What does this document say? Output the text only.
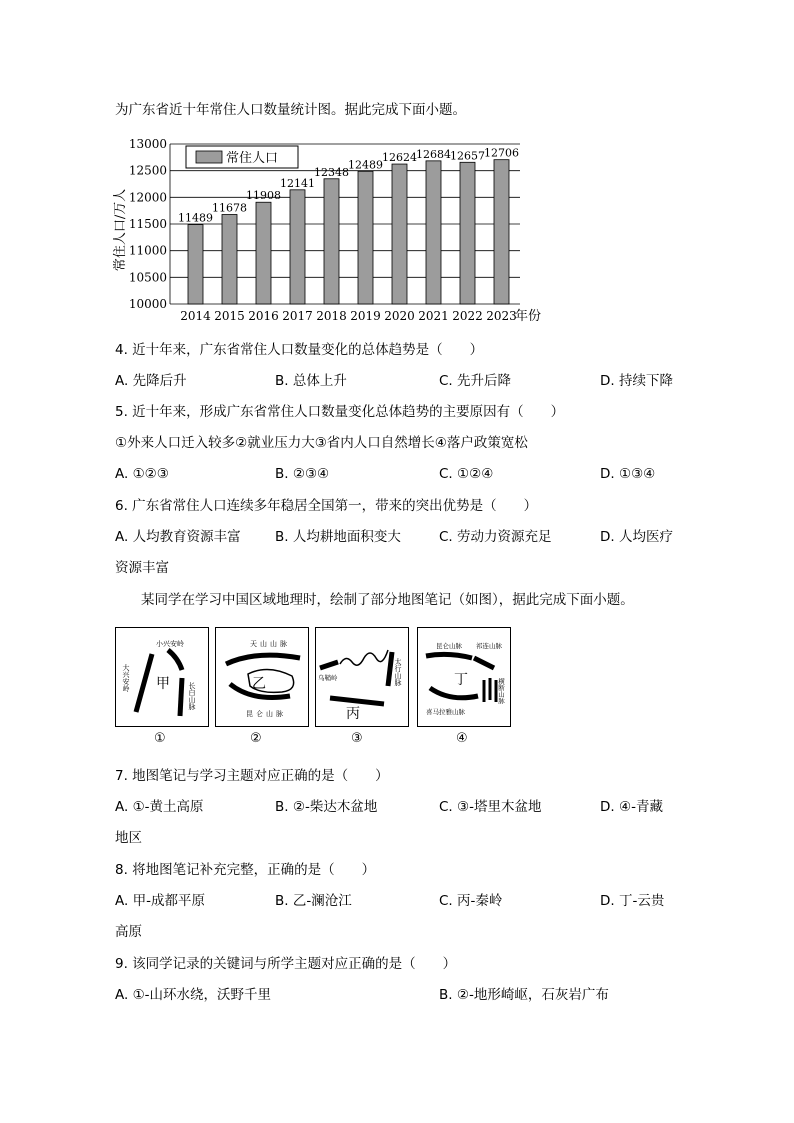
为广东省近十年常住人口数量统计图。据此完成下面小题。
11489
11678
11908
12141
12348
12489
12624 12684 12657 12706
10000
10500
11000
11500
12000
12500
13000
2014 2015 2016 2017 2018 2019 2020 2021 2022 2023
常住人口
常住人口/万人
年份
4. 近十年来，广东省常住人口数量变化的总体趋势是（　　）
A. 先降后升	B. 总体上升	C. 先升后降	D. 持续下降
5. 近十年来，形成广东省常住人口数量变化总体趋势的主要原因有（　　）
①外来人口迁入较多②就业压力大③省内人口自然增长④落户政策宽松
A. ①②③	B. ②③④	C. ①②④	D. ①③④
6. 广东省常住人口连续多年稳居全国第一，带来的突出优势是（　　）
A. 人均教育资源丰富	B. 人均耕地面积变大	C. 劳动力资源充足	D. 人均医疗
资源丰富
某同学在学习中国区域地理时，绘制了部分地图笔记（如图），据此完成下面小题。
甲
小兴安岭
大兴安岭
长白山脉	乙
天山山脉
昆仑山脉	丙
太行山脉
乌鞘岭	丁
昆仑山脉 祁连山脉
喜马拉雅山脉
横断山脉
①	②	③	④
7. 地图笔记与学习主题对应正确的是（　　）
A. ①-黄土高原	B. ②-柴达木盆地	C. ③-塔里木盆地	D. ④-青藏
地区
8. 将地图笔记补充完整，正确的是（　　）
A. 甲-成都平原	B. 乙-澜沧江	C. 丙-秦岭	D. 丁-云贵
高原
9. 该同学记录的关键词与所学主题对应正确的是（　　）
A. ①-山环水绕，沃野千里	B. ②-地形崎岖，石灰岩广布
